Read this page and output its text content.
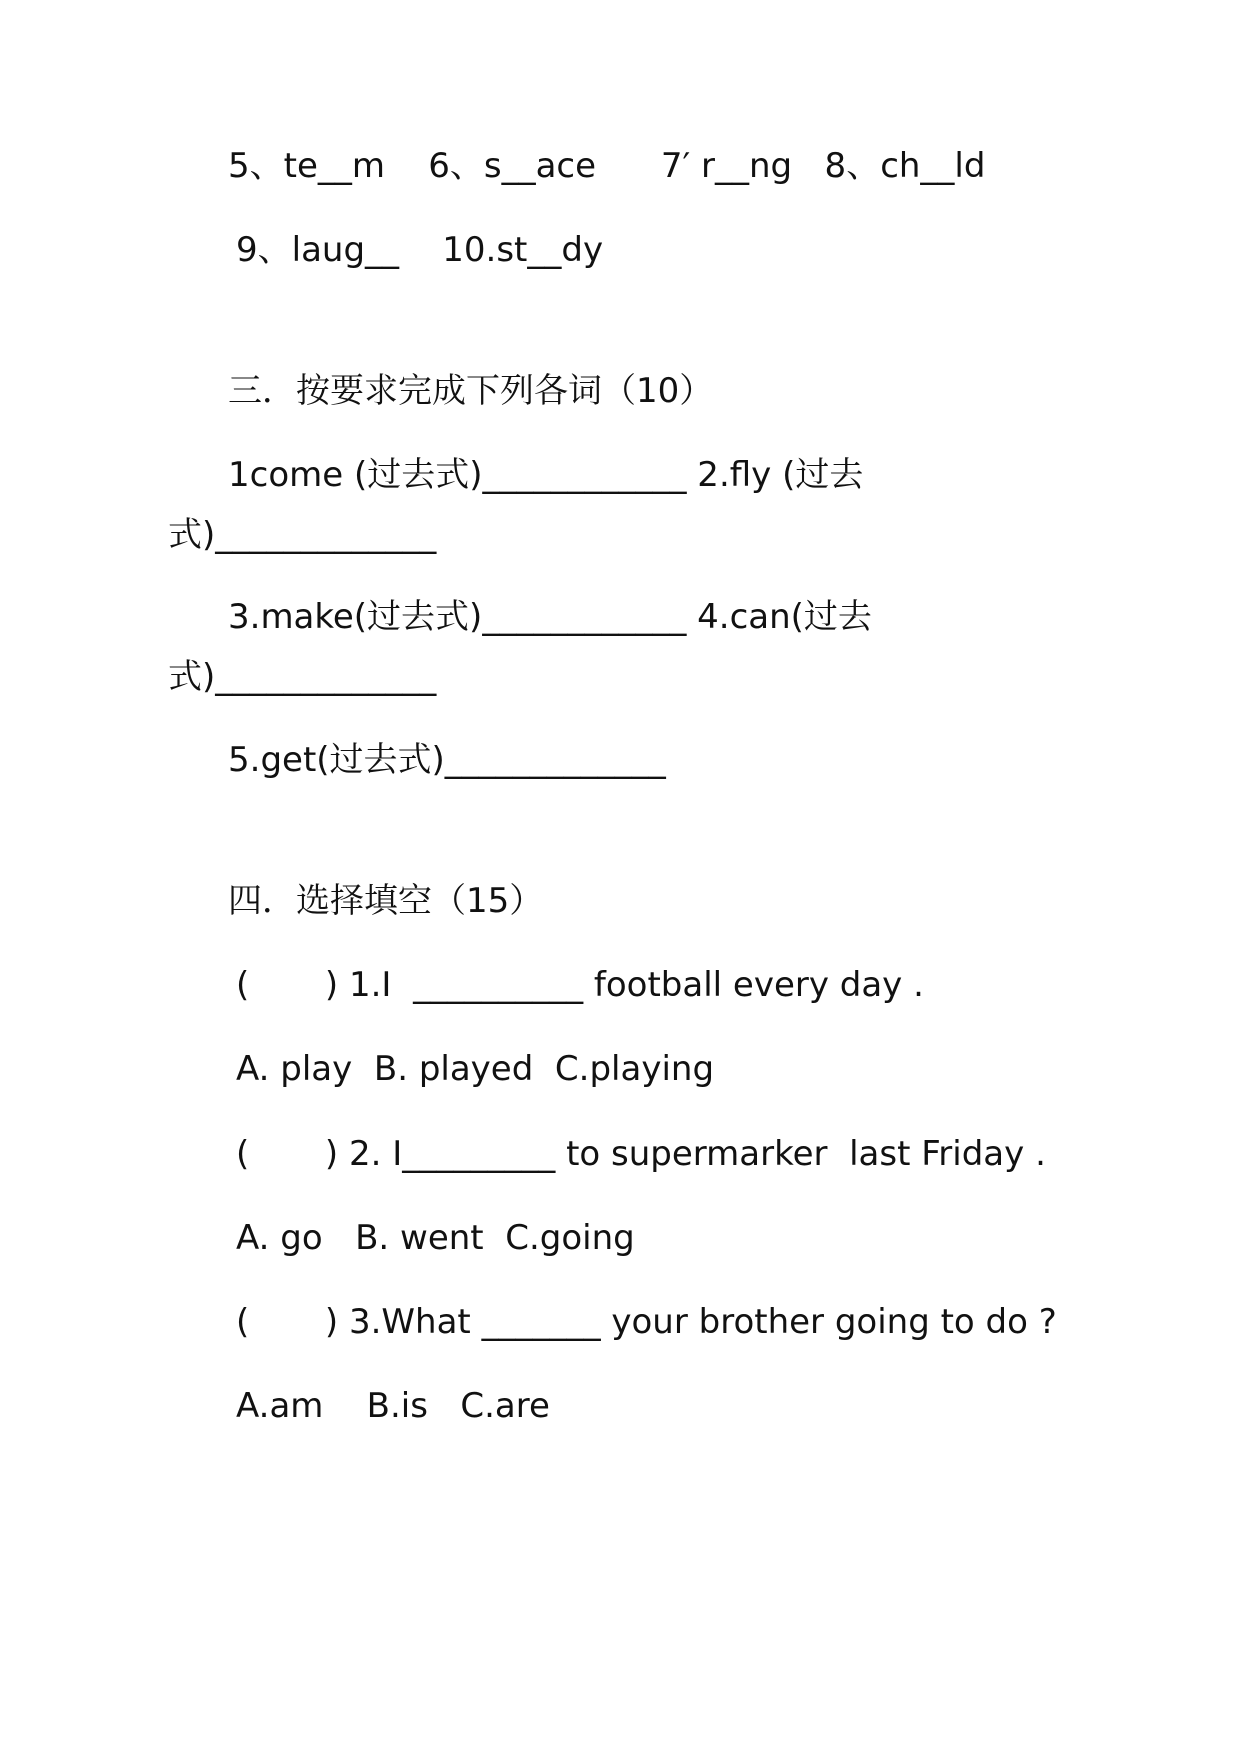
5、te__m    6、s__ace      7′ r__ng   8、ch__ld
9、laug__    10.st__dy
三．按要求完成下列各词（10）
1come (过去式)____________ 2.fly (过去
式)_____________
3.make(过去式)____________ 4.can(过去
式)_____________
5.get(过去式)_____________
四．选择填空（15）
(       ) 1.I  __________ football every day .
A. play  B. played  C.playing
(       ) 2. I_________ to supermarker  last Friday .
A. go   B. went  C.going
(       ) 3.What _______ your brother going to do ?
A.am    B.is   C.are
